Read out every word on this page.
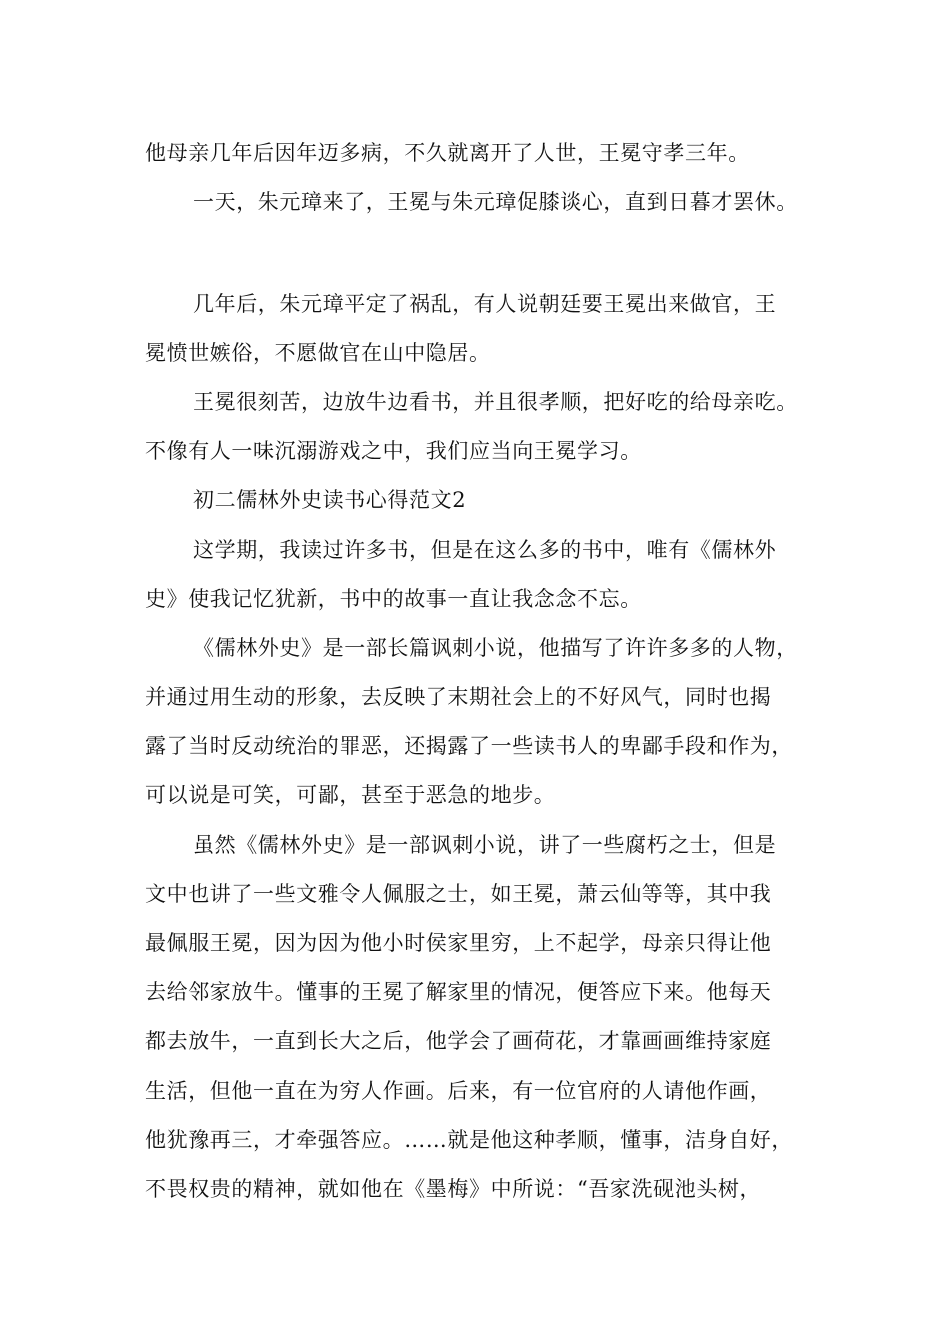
他母亲几年后因年迈多病，不久就离开了人世，王冕守孝三年。
一天，朱元璋来了，王冕与朱元璋促膝谈心，直到日暮才罢休。
几年后，朱元璋平定了祸乱，有人说朝廷要王冕出来做官，王
冕愤世嫉俗，不愿做官在山中隐居。
王冕很刻苦，边放牛边看书，并且很孝顺，把好吃的给母亲吃。
不像有人一味沉溺游戏之中，我们应当向王冕学习。
初二儒林外史读书心得范文2
这学期，我读过许多书，但是在这么多的书中，唯有《儒林外
史》使我记忆犹新，书中的故事一直让我念念不忘。
《儒林外史》是一部长篇讽刺小说，他描写了许许多多的人物，
并通过用生动的形象，去反映了末期社会上的不好风气，同时也揭
露了当时反动统治的罪恶，还揭露了一些读书人的卑鄙手段和作为，
可以说是可笑，可鄙，甚至于恶急的地步。
虽然《儒林外史》是一部讽刺小说，讲了一些腐朽之士，但是
文中也讲了一些文雅令人佩服之士，如王冕，萧云仙等等，其中我
最佩服王冕，因为因为他小时侯家里穷，上不起学，母亲只得让他
去给邻家放牛。懂事的王冕了解家里的情况，便答应下来。他每天
都去放牛，一直到长大之后，他学会了画荷花，才靠画画维持家庭
生活，但他一直在为穷人作画。后来，有一位官府的人请他作画，
他犹豫再三，才牵强答应。……就是他这种孝顺，懂事，洁身自好，
不畏权贵的精神，就如他在《墨梅》中所说：“吾家洗砚池头树，
